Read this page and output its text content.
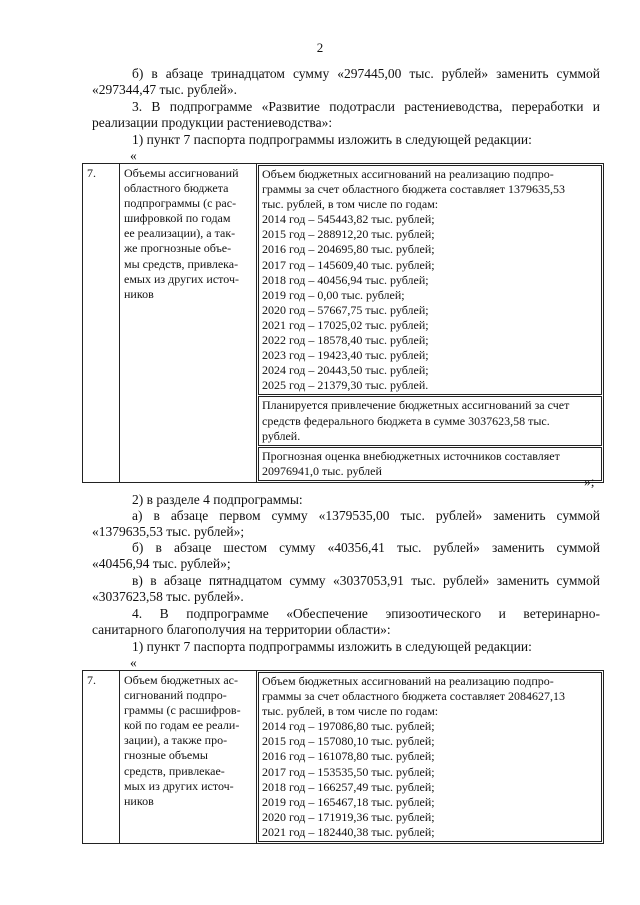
2

б) в абзаце тринадцатом сумму «297445,00 тыс. рублей» заменить суммой

«297344,47 тыс. рублей».

3. В подпрограмме «Развитие подотрасли растениеводства, переработки и

реализации продукции растениеводства»:

1) пункт 7 паспорта подпрограммы изложить в следующей редакции:

«
7.	Объемы ассигнований
областного бюджета
подпрограммы (с рас-
шифровкой по годам
ее реализации), а так-
же прогнозные объе-
мы средств, привлека-
емых из других источ-
ников

Объем бюджетных ассигнований на реализацию подпро-
граммы за счет областного бюджета составляет 1379635,53
тыс. рублей, в том числе по годам:
2014 год – 545443,82 тыс. рублей;
2015 год – 288912,20 тыс. рублей;
2016 год – 204695,80 тыс. рублей;
2017 год – 145609,40 тыс. рублей;
2018 год – 40456,94 тыс. рублей;
2019 год – 0,00 тыс. рублей;
2020 год – 57667,75 тыс. рублей;
2021 год – 17025,02 тыс. рублей;
2022 год – 18578,40 тыс. рублей;
2023 год – 19423,40 тыс. рублей;
2024 год – 20443,50 тыс. рублей;
2025 год – 21379,30 тыс. рублей.
Планируется привлечение бюджетных ассигнований за счет
средств федерального бюджета в сумме 3037623,58 тыс.
рублей.
Прогнозная оценка внебюджетных источников составляет
20976941,0 тыс. рублей
»;

2) в разделе 4 подпрограммы:

а) в абзаце первом сумму «1379535,00 тыс. рублей» заменить суммой

«1379635,53 тыс. рублей»;

б) в абзаце шестом сумму «40356,41 тыс. рублей» заменить суммой

«40456,94 тыс. рублей»;

в) в абзаце пятнадцатом сумму «3037053,91 тыс. рублей» заменить суммой

«3037623,58 тыс. рублей».

4. В подпрограмме «Обеспечение эпизоотического и ветеринарно-

санитарного благополучия на территории области»:

1) пункт 7 паспорта подпрограммы изложить в следующей редакции:

«
7.	Объем бюджетных ас-
сигнований подпро-
граммы (с расшифров-
кой по годам ее реали-
зации), а также про-
гнозные объемы
средств, привлекае-
мых из других источ-
ников

Объем бюджетных ассигнований на реализацию подпро-
граммы за счет областного бюджета составляет 2084627,13
тыс. рублей, в том числе по годам:
2014 год – 197086,80 тыс. рублей;
2015 год – 157080,10 тыс. рублей;
2016 год – 161078,80 тыс. рублей;
2017 год – 153535,50 тыс. рублей;
2018 год – 166257,49 тыс. рублей;
2019 год – 165467,18 тыс. рублей;
2020 год – 171919,36 тыс. рублей;
2021 год – 182440,38 тыс. рублей;
